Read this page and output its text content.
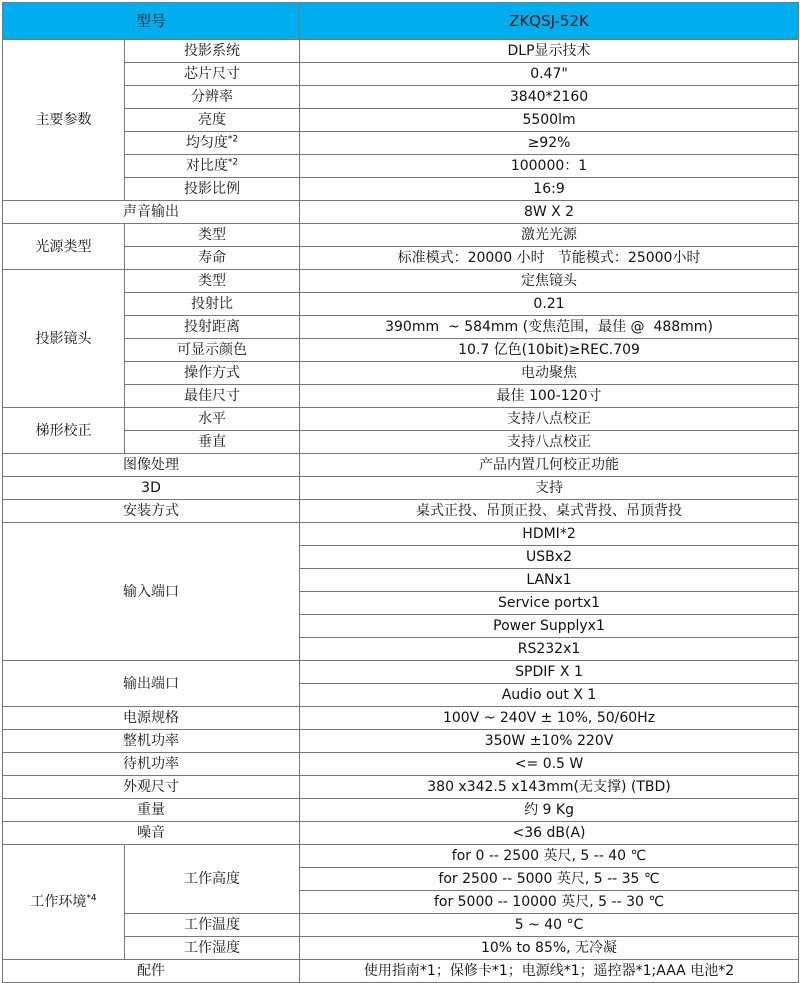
型号		ZKQSJ-52K
主要参数	投影系统	DLP显示技术
	芯片尺寸	0.47"
	分辨率	3840*2160
	亮度	5500lm
	均匀度$^{*2}$	≥92%
	对比度$^{*2}$	100000：1
	投影比例	16:9
声音输出		8W X 2
光源类型	类型	激光光源
	寿命	标准模式：20000 小时   节能模式：25000小时
投影镜头	类型	定焦镜头
	投射比	0.21
	投射距离	390mm  ~ 584mm (变焦范围，最佳 @  488mm)
	可显示颜色	10.7 亿色(10bit)≥REC.709
	操作方式	电动聚焦
	最佳尺寸	最佳 100-120寸
梯形校正	水平	支持八点校正
	垂直	支持八点校正
图像处理		产品内置几何校正功能
3D		支持
安装方式		桌式正投、吊顶正投、桌式背投、吊顶背投
输入端口		HDMI*2
		USBx2
		LANx1
		Service portx1
		Power Supplyx1
		RS232x1
输出端口		SPDIF X 1
		Audio out X 1
电源规格		100V ~ 240V ± 10%, 50/60Hz
整机功率		350W ±10% 220V
待机功率		<= 0.5 W
外观尺寸		380 x342.5 x143mm(无支撑) (TBD)
重量		约 9 Kg
噪音		<36 dB(A)
工作环境$^{*4}$	工作高度	for 0 -- 2500 英尺, 5 -- 40 ℃
		for 2500 -- 5000 英尺, 5 -- 35 ℃
		for 5000 -- 10000 英尺, 5 -- 30 ℃
	工作温度	5 ~ 40 °C
	工作湿度	10% to 85%, 无冷凝
配件		使用指南*1；保修卡*1；电源线*1；遥控器*1;AAA 电池*2
